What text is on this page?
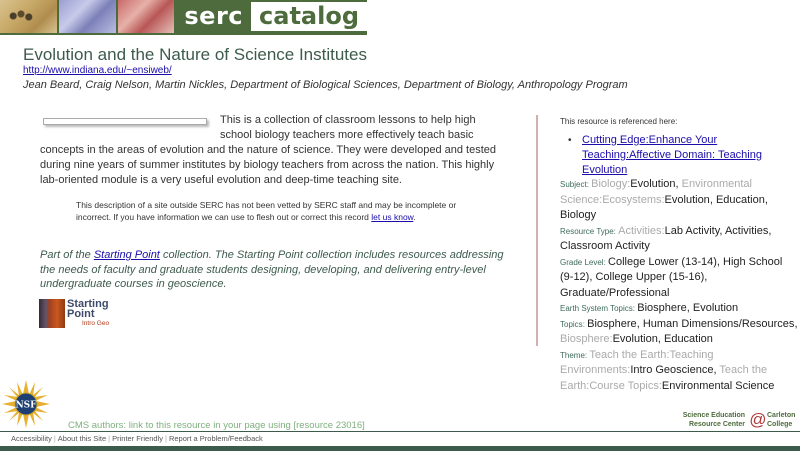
serc catalog
Evolution and the Nature of Science Institutes
http://www.indiana.edu/~ensiweb/
Jean Beard, Craig Nelson, Martin Nickles, Department of Biological Sciences, Department of Biology, Anthropology Program

This is a collection of classroom lessons to help high school biology teachers more effectively teach basic concepts in the areas of evolution and the nature of science. They were developed and tested during nine years of summer institutes by biology teachers from across the nation. This highly lab-oriented module is a very useful evolution and deep-time teaching site.

This description of a site outside SERC has not been vetted by SERC staff and may be incomplete or incorrect. If you have information we can use to flesh out or correct this record let us know.

Part of the Starting Point collection. The Starting Point collection includes resources addressing the needs of faculty and graduate students designing, developing, and delivering entry-level undergraduate courses in geoscience.

Starting
Point
Intro Geo
This resource is referenced here:
• Cutting Edge:Enhance Your Teaching:Affective Domain: Teaching Evolution
Subject: Biology:Evolution, Environmental Science:Ecosystems:Evolution, Education, Biology
Resource Type: Activities:Lab Activity, Activities, Classroom Activity
Grade Level: College Lower (13-14), High School (9-12), College Upper (15-16), Graduate/Professional
Earth System Topics: Biosphere, Evolution
Topics: Biosphere, Human Dimensions/Resources, Biosphere:Evolution, Education
Theme: Teach the Earth:Teaching Environments:Intro Geoscience, Teach the Earth:Course Topics:Environmental Science
NSF
CMS authors: link to this resource in your page using [resource 23016]
Science Education
Resource Center @ Carleton
College
Accessibility | About this Site | Printer Friendly | Report a Problem/Feedback
